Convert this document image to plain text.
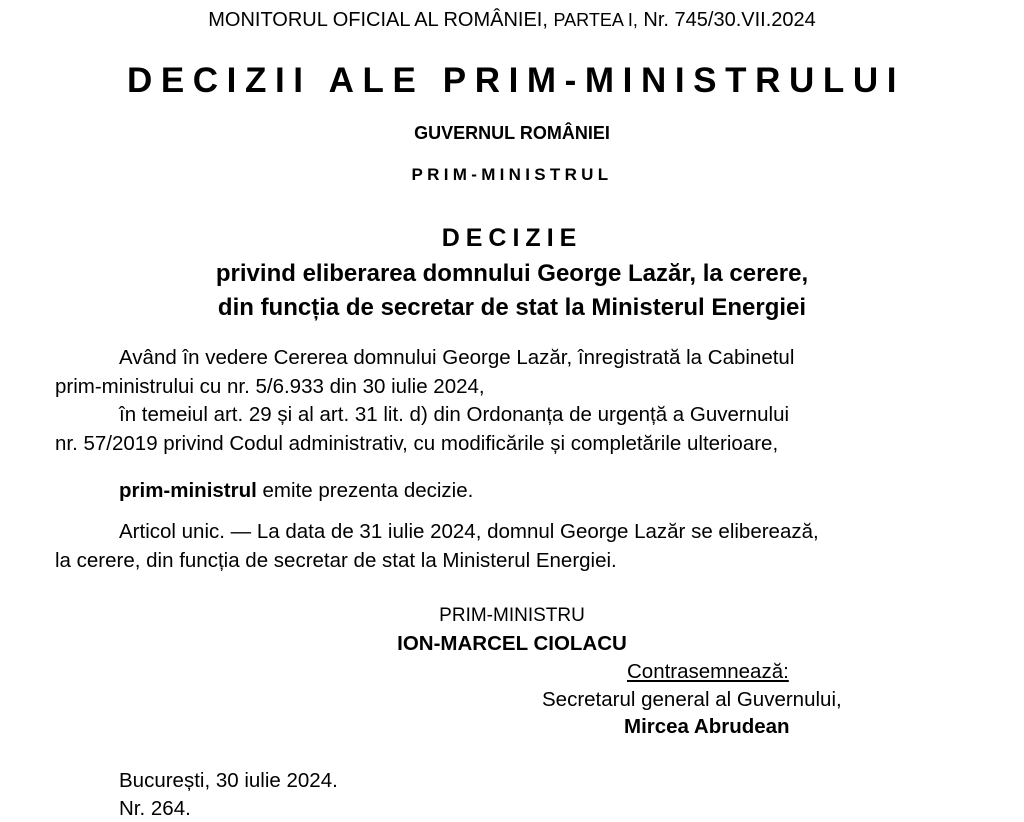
MONITORUL OFICIAL AL ROMÂNIEI, PARTEA I, Nr. 745/30.VII.2024
DECIZII ALE PRIM-MINISTRULUI
GUVERNUL ROMÂNIEI
PRIM-MINISTRUL
DECIZIE
privind eliberarea domnului George Lazăr, la cerere,
din funcția de secretar de stat la Ministerul Energiei
Având în vedere Cererea domnului George Lazăr, înregistrată la Cabinetul
prim-ministrului cu nr. 5/6.933 din 30 iulie 2024,
în temeiul art. 29 și al art. 31 lit. d) din Ordonanța de urgență a Guvernului
nr. 57/2019 privind Codul administrativ, cu modificările și completările ulterioare,
prim-ministrul emite prezenta decizie.
Articol unic. — La data de 31 iulie 2024, domnul George Lazăr se eliberează,
la cerere, din funcția de secretar de stat la Ministerul Energiei.
PRIM-MINISTRU
ION-MARCEL CIOLACU
Contrasemnează:
Secretarul general al Guvernului,
Mircea Abrudean
București, 30 iulie 2024.
Nr. 264.
